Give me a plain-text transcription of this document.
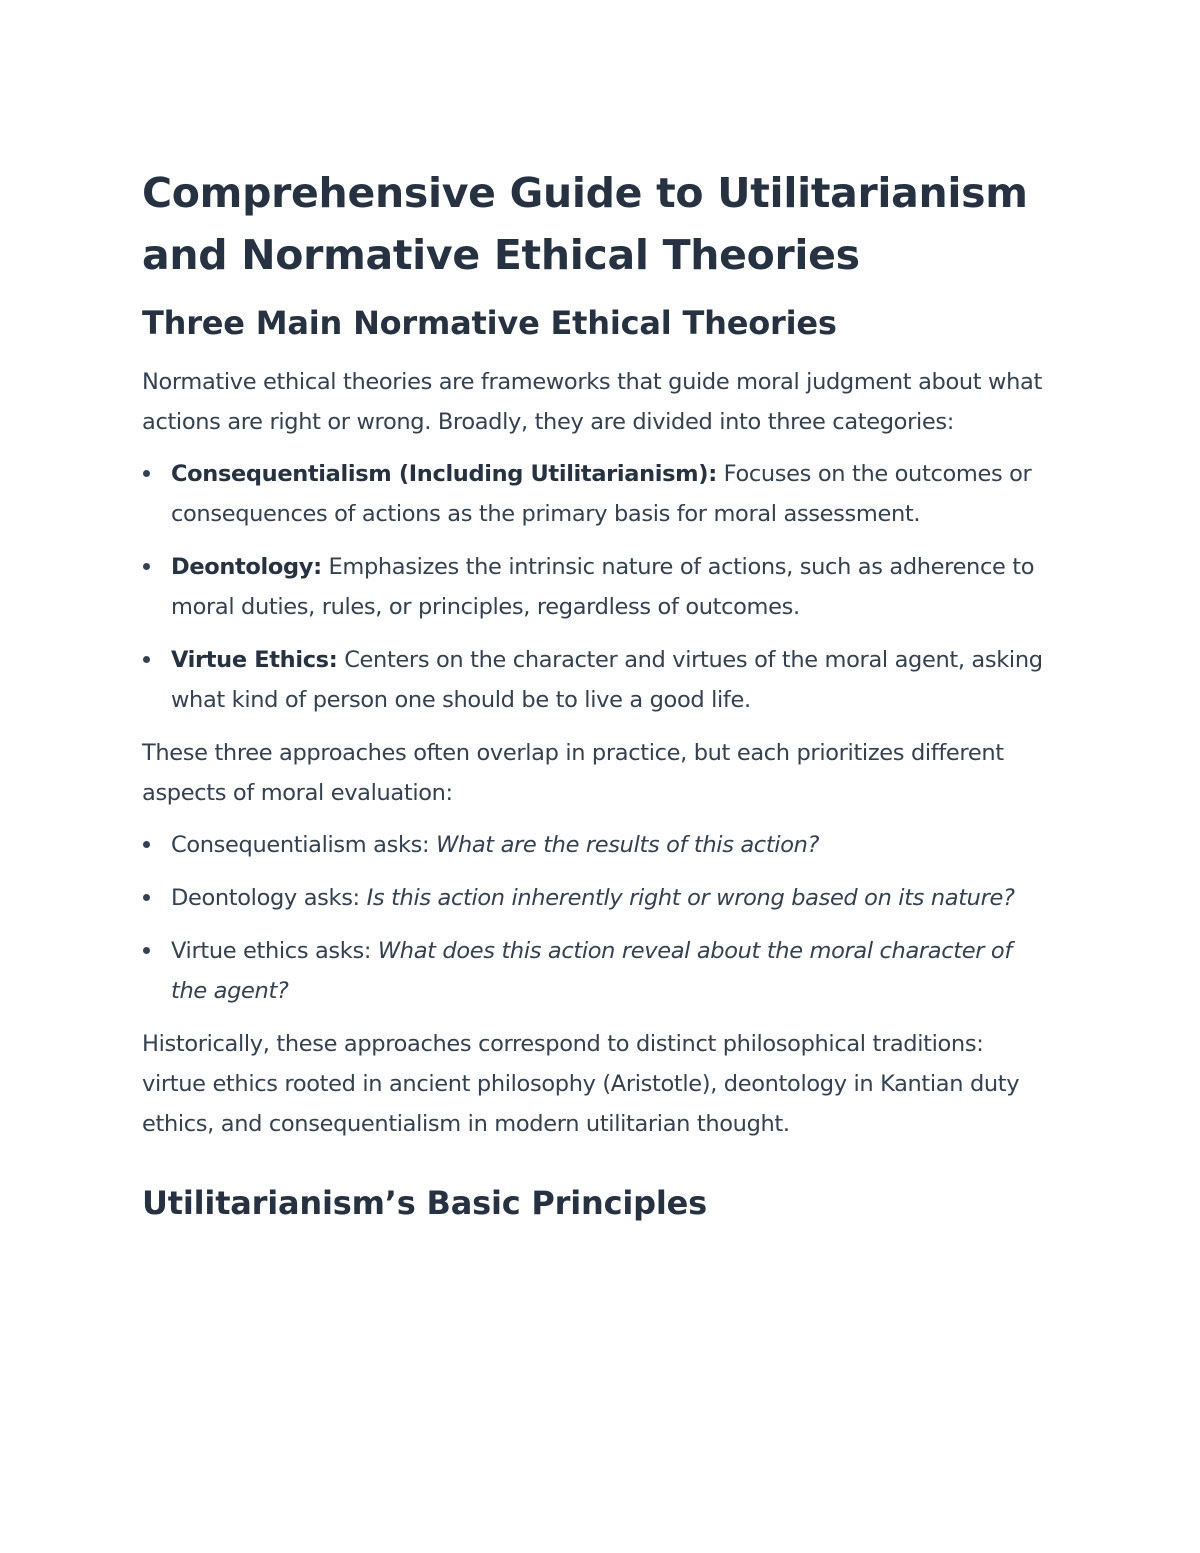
Comprehensive Guide to Utilitarianism and Normative Ethical Theories
Three Main Normative Ethical Theories

Normative ethical theories are frameworks that guide moral judgment about what actions are right or wrong. Broadly, they are divided into three categories:

Consequentialism (Including Utilitarianism): Focuses on the outcomes or consequences of actions as the primary basis for moral assessment.
Deontology: Emphasizes the intrinsic nature of actions, such as adherence to moral duties, rules, or principles, regardless of outcomes.
Virtue Ethics: Centers on the character and virtues of the moral agent, asking what kind of person one should be to live a good life.

These three approaches often overlap in practice, but each prioritizes different aspects of moral evaluation:

Consequentialism asks: What are the results of this action?
Deontology asks: Is this action inherently right or wrong based on its nature?
Virtue ethics asks: What does this action reveal about the moral character of the agent?

Historically, these approaches correspond to distinct philosophical traditions: virtue ethics rooted in ancient philosophy (Aristotle), deontology in Kantian duty ethics, and consequentialism in modern utilitarian thought.

Utilitarianism’s Basic Principles
